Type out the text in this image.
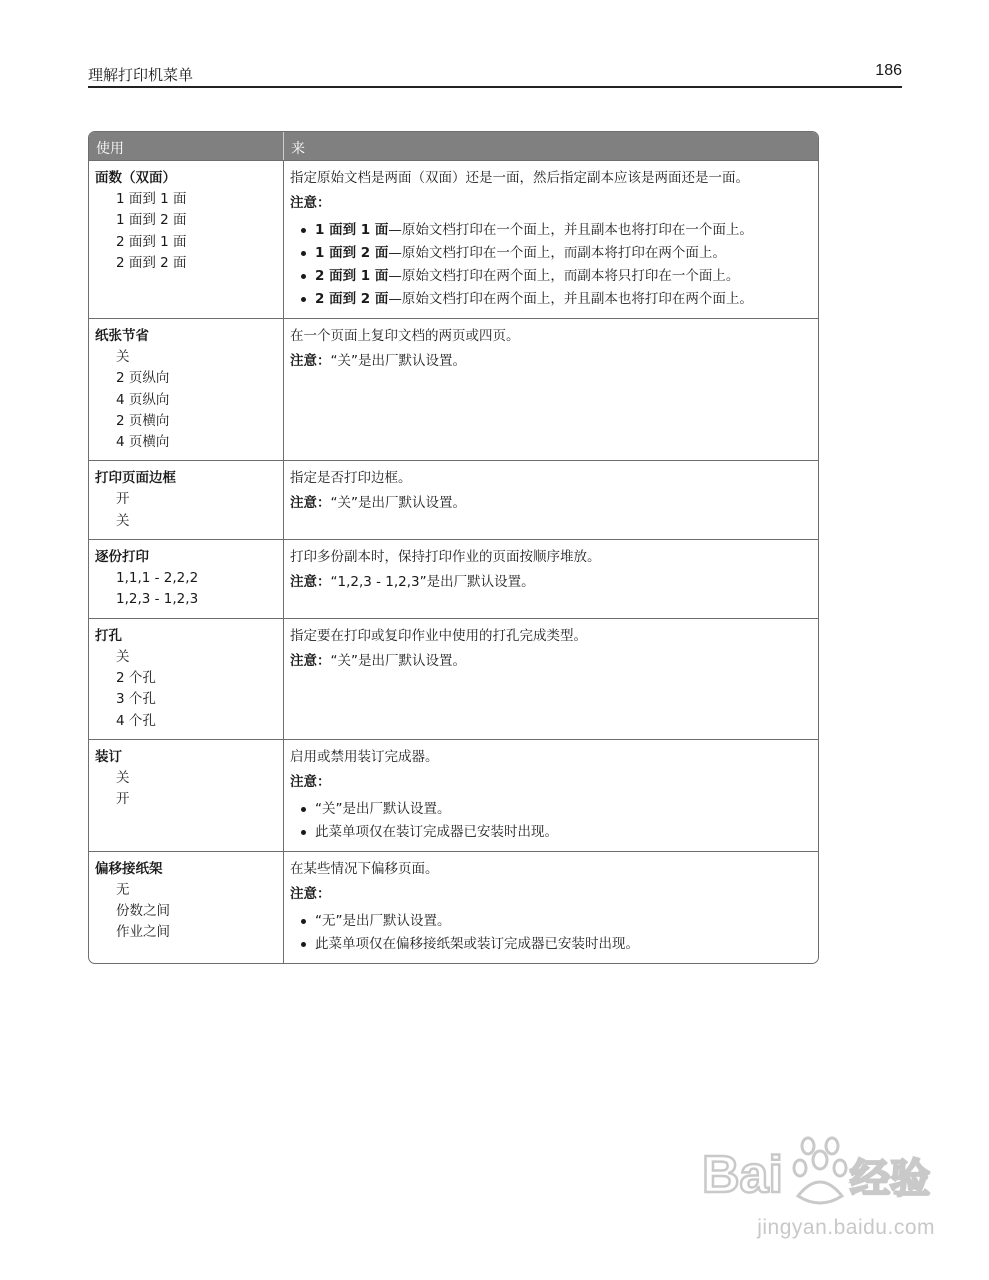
理解打印机菜单	186
使用	来
面数（双面）
1 面到 1 面
1 面到 2 面
2 面到 1 面
2 面到 2 面
指定原始文档是两面（双面）还是一面，然后指定副本应该是两面还是一面。
注意：
1 面到 1 面—原始文档打印在一个面上，并且副本也将打印在一个面上。
1 面到 2 面—原始文档打印在一个面上，而副本将打印在两个面上。
2 面到 1 面—原始文档打印在两个面上，而副本将只打印在一个面上。
2 面到 2 面—原始文档打印在两个面上，并且副本也将打印在两个面上。
纸张节省
关
2 页纵向
4 页纵向
2 页横向
4 页横向
在一个页面上复印文档的两页或四页。
注意：“关”是出厂默认设置。
打印页面边框
开
关
指定是否打印边框。
注意：“关”是出厂默认设置。
逐份打印
1,1,1 - 2,2,2
1,2,3 - 1,2,3
打印多份副本时，保持打印作业的页面按顺序堆放。
注意：“1,2,3 - 1,2,3”是出厂默认设置。
打孔
关
2 个孔
3 个孔
4 个孔
指定要在打印或复印作业中使用的打孔完成类型。
注意：“关”是出厂默认设置。
装订
关
开
启用或禁用装订完成器。
注意：
“关”是出厂默认设置。
此菜单项仅在装订完成器已安装时出现。
偏移接纸架
无
份数之间
作业之间
在某些情况下偏移页面。
注意：
“无”是出厂默认设置。
此菜单项仅在偏移接纸架或装订完成器已安装时出现。
Bai 经验
jingyan.baidu.com
